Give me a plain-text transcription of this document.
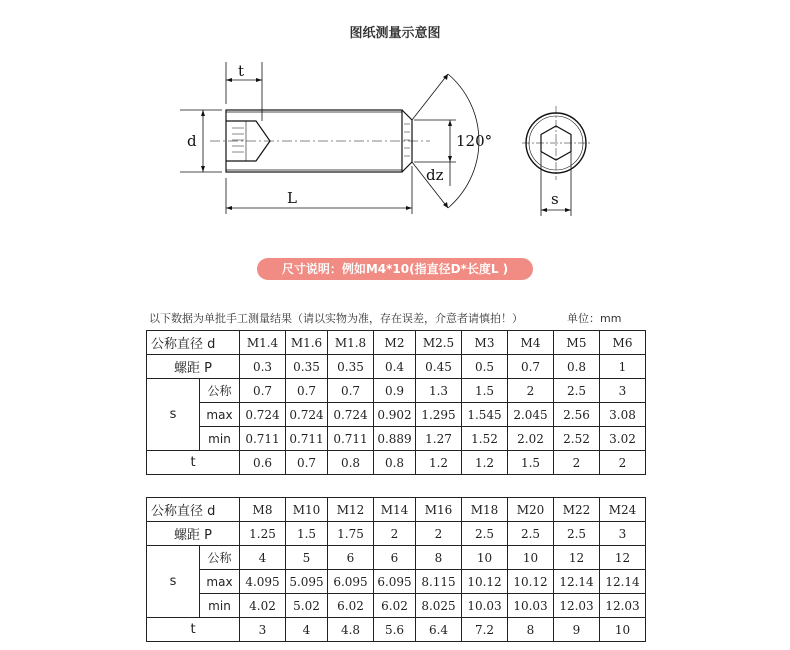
图纸测量示意图
t
d
L
120°
dz
s
尺寸说明：例如M4*10(指直径D*长度L )
以下数据为单批手工测量结果（请以实物为准，存在误差，介意者请慎拍！）	单位：mm
公称直径 d		M1.4	M1.6	M1.8	M2	M2.5	M3	M4	M5	M6
螺距 P		0.3	0.35	0.35	0.4	0.45	0.5	0.7	0.8	1
s	公称	0.7	0.7	0.7	0.9	1.3	1.5	2	2.5	3
	max	0.724	0.724	0.724	0.902	1.295	1.545	2.045	2.56	3.08
	min	0.711	0.711	0.711	0.889	1.27	1.52	2.02	2.52	3.02
t		0.6	0.7	0.8	0.8	1.2	1.2	1.5	2	2
公称直径 d		M8	M10	M12	M14	M16	M18	M20	M22	M24
螺距 P		1.25	1.5	1.75	2	2	2.5	2.5	2.5	3
s	公称	4	5	6	6	8	10	10	12	12
	max	4.095	5.095	6.095	6.095	8.115	10.12	10.12	12.14	12.14
	min	4.02	5.02	6.02	6.02	8.025	10.03	10.03	12.03	12.03
t		3	4	4.8	5.6	6.4	7.2	8	9	10
